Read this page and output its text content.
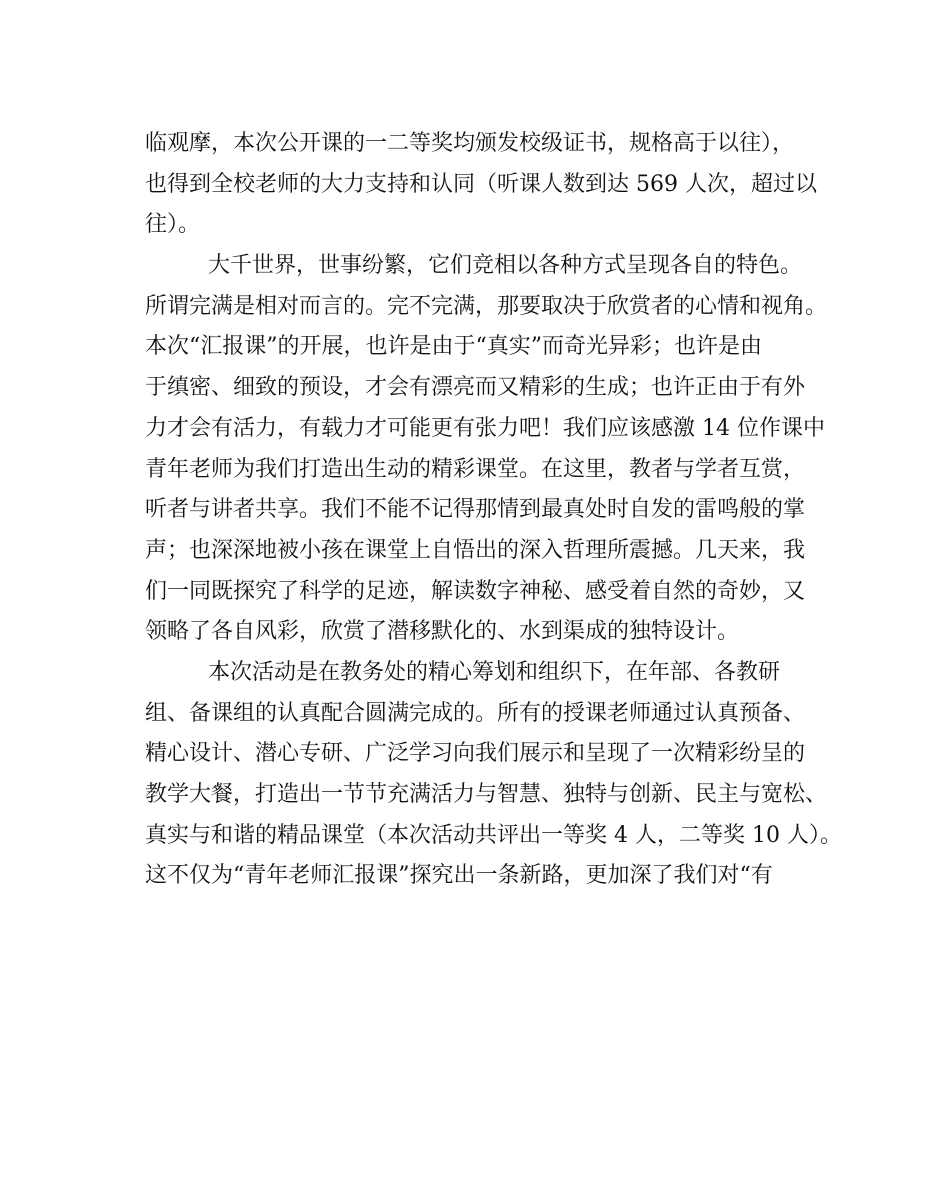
临观摩，本次公开课的一二等奖均颁发校级证书，规格高于以往），
也得到全校老师的大力支持和认同（听课人数到达 569 人次，超过以
往）。
大千世界，世事纷繁，它们竞相以各种方式呈现各自的特色。
所谓完满是相对而言的。完不完满，那要取决于欣赏者的心情和视角。
本次“汇报课”的开展，也许是由于“真实”而奇光异彩；也许是由
于缜密、细致的预设，才会有漂亮而又精彩的生成；也许正由于有外
力才会有活力，有载力才可能更有张力吧！我们应该感激 14 位作课中
青年老师为我们打造出生动的精彩课堂。在这里，教者与学者互赏，
听者与讲者共享。我们不能不记得那情到最真处时自发的雷鸣般的掌
声；也深深地被小孩在课堂上自悟出的深入哲理所震撼。几天来，我
们一同既探究了科学的足迹，解读数字神秘、感受着自然的奇妙，又
领略了各自风彩，欣赏了潜移默化的、水到渠成的独特设计。
本次活动是在教务处的精心筹划和组织下，在年部、各教研
组、备课组的认真配合圆满完成的。所有的授课老师通过认真预备、
精心设计、潜心专研、广泛学习向我们展示和呈现了一次精彩纷呈的
教学大餐，打造出一节节充满活力与智慧、独特与创新、民主与宽松、
真实与和谐的精品课堂（本次活动共评出一等奖 4 人，二等奖 10 人）。
这不仅为“青年老师汇报课”探究出一条新路，更加深了我们对“有
